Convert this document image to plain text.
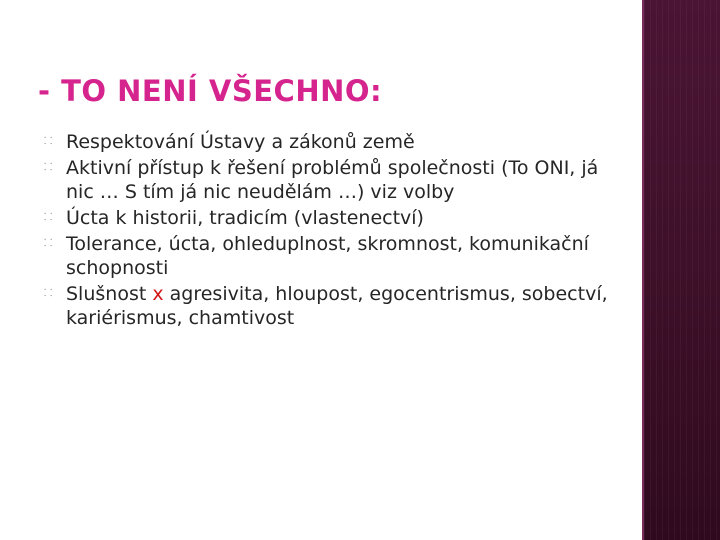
- TO NENÍ VŠECHNO:
⸬ Respektování Ústavy a zákonů země
⸬ Aktivní přístup k řešení problémů společnosti (To ONI, já nic … S tím já nic neudělám …) viz volby
⸬ Úcta k historii, tradicím (vlastenectví)
⸬ Tolerance, úcta, ohleduplnost, skromnost, komunikační schopnosti
⸬ Slušnost x agresivita, hloupost, egocentrismus, sobectví, kariérismus, chamtivost
